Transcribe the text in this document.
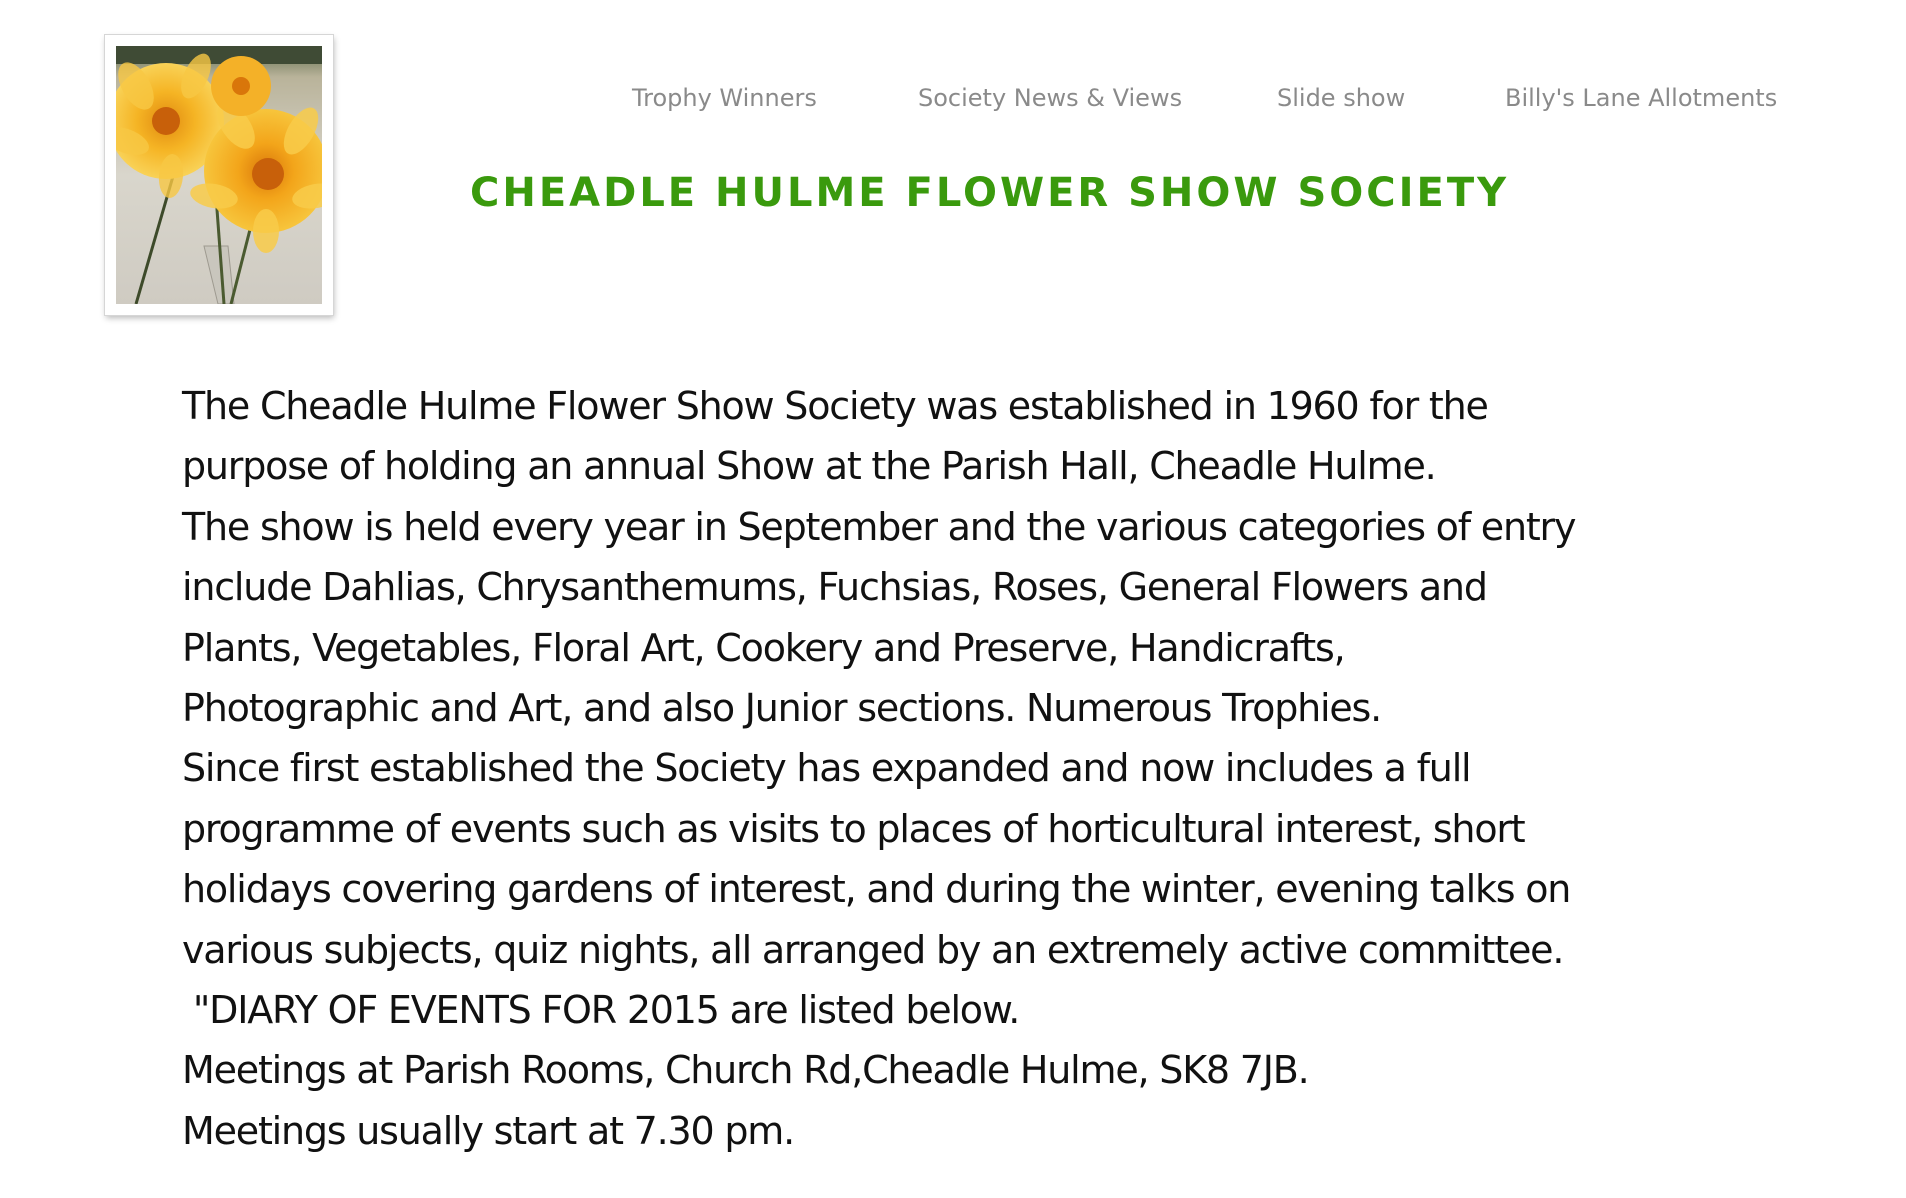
Trophy Winners	Society News & Views	Slide show	Billy's Lane Allotments
CHEADLE HULME FLOWER SHOW SOCIETY
The Cheadle Hulme Flower Show Society was established in 1960 for the
purpose of holding an annual Show at the Parish Hall, Cheadle Hulme.
The show is held every year in September and the various categories of entry
include Dahlias, Chrysanthemums, Fuchsias, Roses, General Flowers and
Plants, Vegetables, Floral Art, Cookery and Preserve, Handicrafts,
Photographic and Art, and also Junior sections. Numerous Trophies.
Since first established the Society has expanded and now includes a full
programme of events such as visits to places of horticultural interest, short
holidays covering gardens of interest, and during the winter, evening talks on
various subjects, quiz nights, all arranged by an extremely active committee.
"DIARY OF EVENTS FOR 2015 are listed below.
Meetings at Parish Rooms, Church Rd,Cheadle Hulme, SK8 7JB.
Meetings usually start at 7.30 pm.
